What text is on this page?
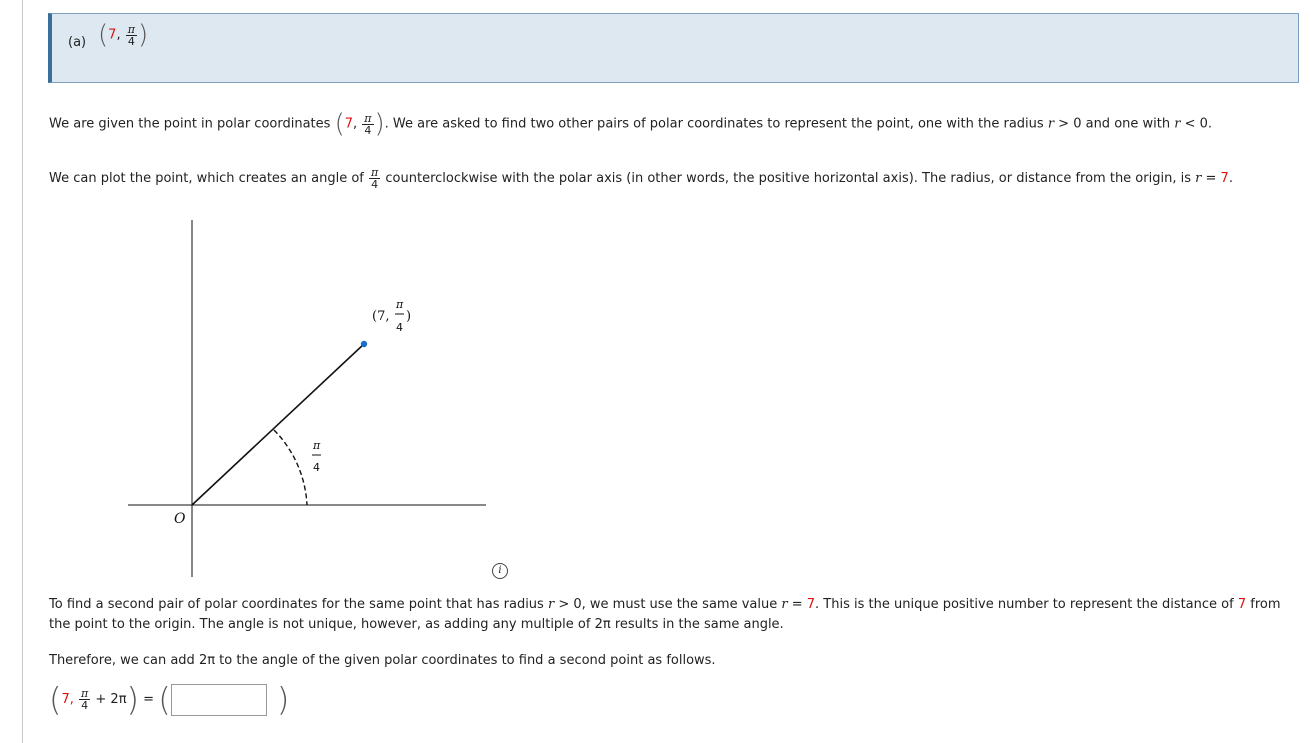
(a) (7, $\frac{\pi}{4}$ )
We are given the point in polar coordinates (7, $\frac{\pi}{4}$ ). We are asked to find two other pairs of polar coordinates to represent the point, one with the radius r > 0 and one with r < 0.
We can plot the point, which creates an angle of $\frac{\pi}{4}$ counterclockwise with the polar axis (in other words, the positive horizontal axis). The radius, or distance from the origin, is r = 7.
O
(7,
π
4
)
π
4
i
To find a second pair of polar coordinates for the same point that has radius r > 0, we must use the same value r = 7. This is the unique positive number to represent the distance of 7 from
the point to the origin. The angle is not unique, however, as adding any multiple of 2π results in the same angle.
Therefore, we can add 2π to the angle of the given polar coordinates to find a second point as follows.
(7, $\frac{\pi}{4} + 2\pi$) = (	)
